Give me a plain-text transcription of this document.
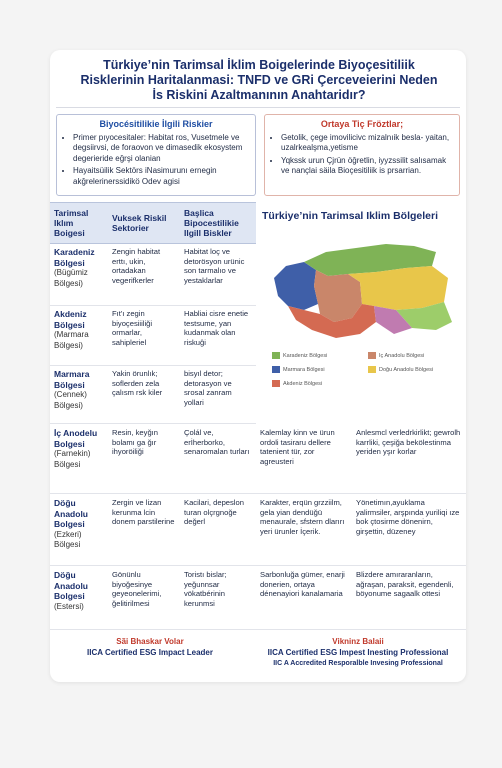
Türkiye’nin Tarimsal İklim Boigelerinde Biyoçesitiliik
Risklerinin Haritalanmasi: TNFD ve GRi Çerceveierini Neden
İs Riskini Azaltmanının Anahtaridır?
Biyocésitilikie İlgili Riskier
• Primer pıyocesitaler: Habitat ros, Vusetmele ve degsiirvsi, de foraovon ve dimasedik ekosystem degerieride eğrşi olanian
• Hayaitsüilik Sektörs iNasimurunı ernegin akğrelerinerssidikö Odev agisi
Ortaya Tiç Fröztlar;
• Getolik, çege imovilicivc mizalnıik besla- yaitan, uzalrkealşma,yetisme
• Yqkssk urun Çjrün öğretlin, iyyzssilit salısamak ve nançlai säila Bioçesitiliik is prsarrian.
Tarimsal Iklım Boigesi
Vuksek Riskil Sektorier
Başlica Bipocestilikie Ilgill Biskler
Karadeniz Bölgesi
(Bügümiz Bölgesi)
Zengin habitat erttı, ukin, ortadakan vegerifkerler
Habitat loç ve detorösyon urünic son tarmalıo ve yestaklarlar
Akdeniz Bölgesi
(Marmara Bölgesi)
Fıt'ı zegin biyoçesiiiliği ormarlar, sahipleriel
Habliai cisre enetie testsume, yan kudanmak olan riskuĝi
Marmara Bölgesi
(Cennek) Bölgesi)
Yakin örunlık; soflerden zela çalısm rsk kiler
bisyıl detor; detorasyon ve srosal zanram yollari
Türkiye’nin Tarimsal Iklim Bölgeleri
Karadeniz Bölgesi	Iç Anadolu Bölgesi
Marmara Bölgesi	Doğu Anadolu Bölgesi
Akdeniz Bölgesi
İç Anodelu Bolgesi
(Farnekin) Bölgesi
Resin, keyğın bolamı ga ğır ihyoröiliği
Çolál ve, erİherborko, senaromalan turları
Kalemlay kinn ve ürun ordoli tasiraru dellere tatenient tür, zor agreusteri
Anlesmcl verledrkirlikt; gewrolh karrliki, çeşiğa bekölestinma yeriden yşır korlar
Döğu Anadolu Bolgesi
(Ezkeri) Bölgesi
Zergin ve lizan kerunma lcin donem parstilerine
Kacilari, depeslon turan olçrgnoğe değerl
Karakter, erqün grzziilm, gela yian dendüğü menaurale, sfstern dlarırı yeri ürunler İçerik.
Yönetimın,ayuklama yalirmsiler, arşpında yuriliqi ıze bok çtosirme dönenirn, girşettin, düzeney
Döğu Anadolu Bolgesi
(Estersi)
Gönünlu biyoğesinye geyeonelerimi, ğelitirilmesi
Toristı bislar; yeğunnsar vökatbérinin kerunmsi
Sarbonluğa gümer, enarji donerien, ortaya dénenayiori kanalamaria
Blizdere amıraranların, ağraşan, paraksit, egendenli, böyonume sagaalk ottesi
Sãi Bhaskar Volar
IICA Certified ESG Impact Leader
Vikninz Balaii
IICA Certified ESG Impest Inesting Professional
IIC A Accredited Resporalble Invesing Professional
